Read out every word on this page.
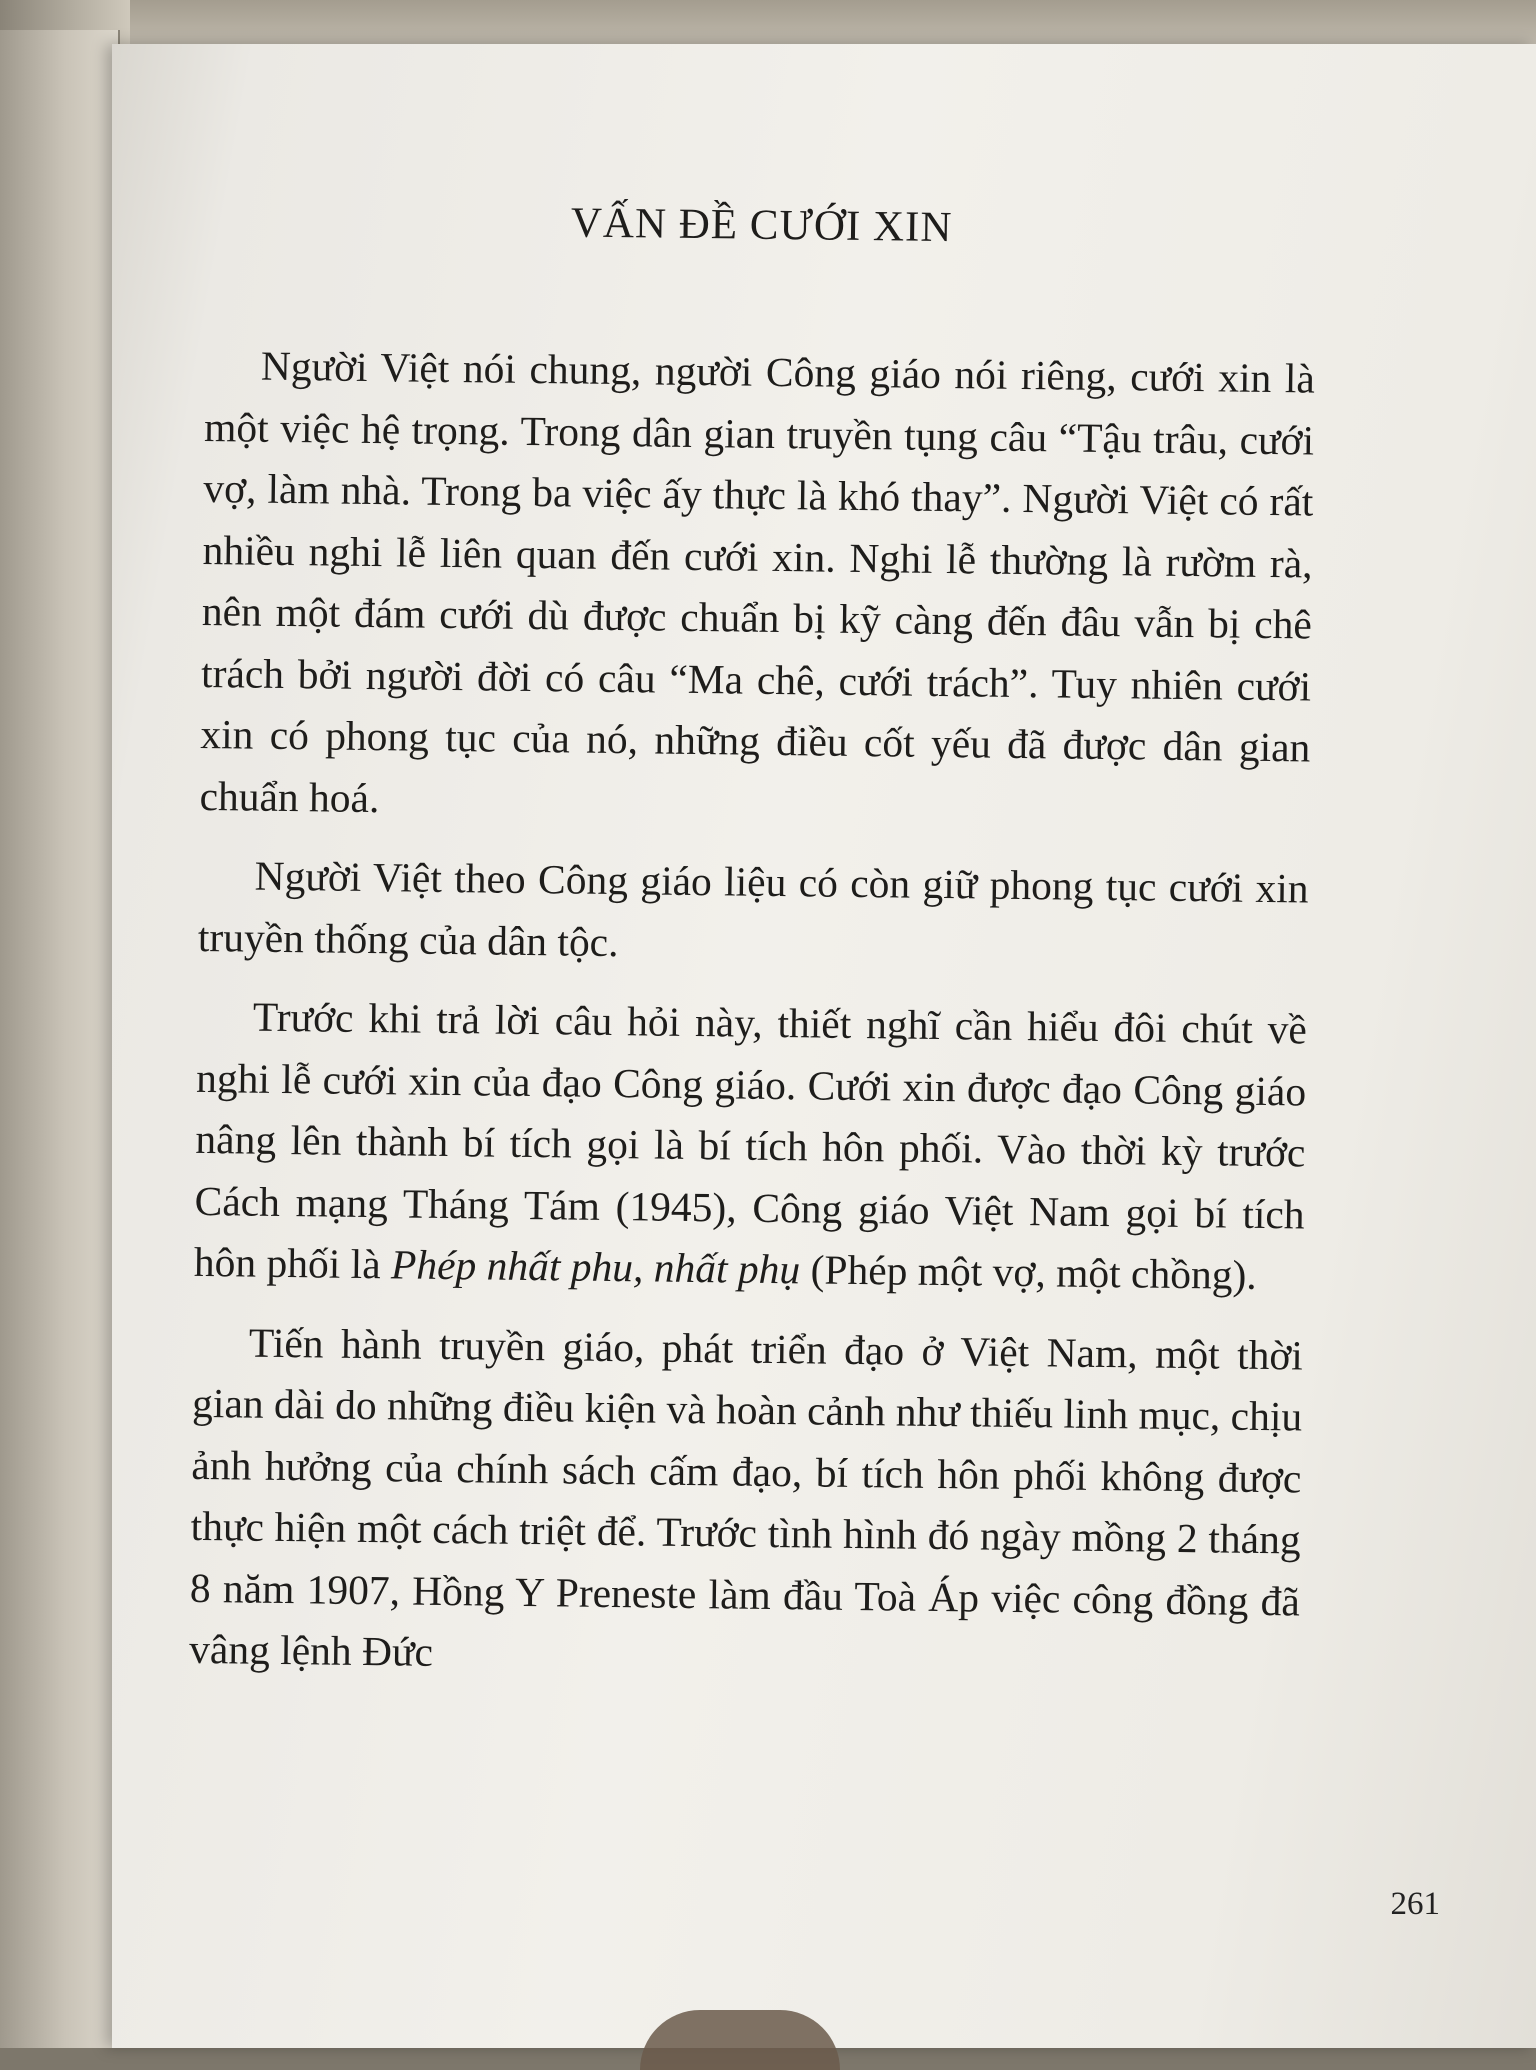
VẤN ĐỀ CƯỚI XIN

Người Việt nói chung, người Công giáo nói riêng, cưới xin là một việc hệ trọng. Trong dân gian truyền tụng câu “Tậu trâu, cưới vợ, làm nhà. Trong ba việc ấy thực là khó thay”. Người Việt có rất nhiều nghi lễ liên quan đến cưới xin. Nghi lễ thường là rườm rà, nên một đám cưới dù được chuẩn bị kỹ càng đến đâu vẫn bị chê trách bởi người đời có câu “Ma chê, cưới trách”. Tuy nhiên cưới xin có phong tục của nó, những điều cốt yếu đã được dân gian chuẩn hoá.

Người Việt theo Công giáo liệu có còn giữ phong tục cưới xin truyền thống của dân tộc.

Trước khi trả lời câu hỏi này, thiết nghĩ cần hiểu đôi chút về nghi lễ cưới xin của đạo Công giáo. Cưới xin được đạo Công giáo nâng lên thành bí tích gọi là bí tích hôn phối. Vào thời kỳ trước Cách mạng Tháng Tám (1945), Công giáo Việt Nam gọi bí tích hôn phối là Phép nhất phu, nhất phụ (Phép một vợ, một chồng).

Tiến hành truyền giáo, phát triển đạo ở Việt Nam, một thời gian dài do những điều kiện và hoàn cảnh như thiếu linh mục, chịu ảnh hưởng của chính sách cấm đạo, bí tích hôn phối không được thực hiện một cách triệt để. Trước tình hình đó ngày mồng 2 tháng 8 năm 1907, Hồng Y Preneste làm đầu Toà Áp việc công đồng đã vâng lệnh Đức

261
